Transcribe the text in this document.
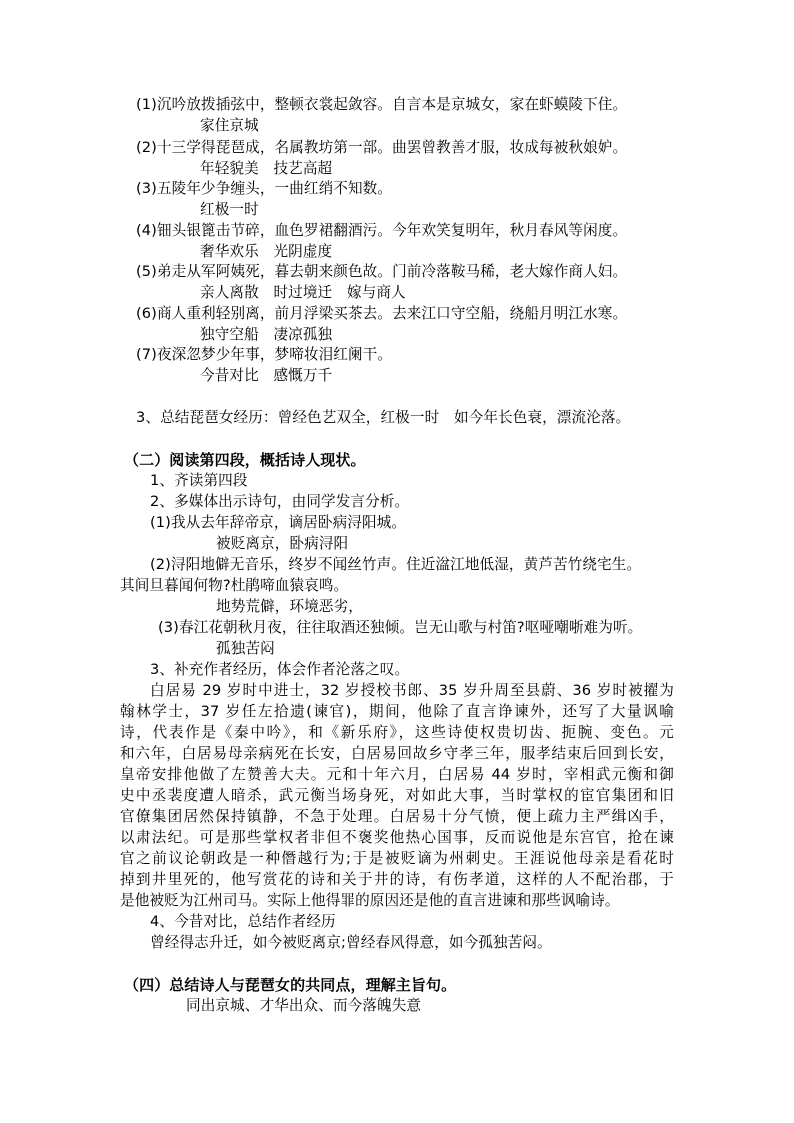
(1)沉吟放拨插弦中，整顿衣裳起敛容。自言本是京城女，家在虾蟆陵下住。
家住京城
(2)十三学得琵琶成，名属教坊第一部。曲罢曾教善才服，妆成每被秋娘妒。
年轻貌美　技艺高超
(3)五陵年少争缠头，一曲红绡不知数。
红极一时
(4)钿头银篦击节碎，血色罗裙翻酒污。今年欢笑复明年，秋月春风等闲度。
奢华欢乐　光阴虚度
(5)弟走从军阿姨死，暮去朝来颜色故。门前冷落鞍马稀，老大嫁作商人妇。
亲人离散　时过境迁　嫁与商人
(6)商人重利轻别离，前月浮梁买茶去。去来江口守空船，绕船月明江水寒。
独守空船　凄凉孤独
(7)夜深忽梦少年事，梦啼妆泪红阑干。
今昔对比　感慨万千
3、总结琵琶女经历：曾经色艺双全，红极一时　如今年长色衰，漂流沦落。
（二）阅读第四段，概括诗人现状。
1、齐读第四段
2、多媒体出示诗句，由同学发言分析。
(1)我从去年辞帝京，谪居卧病浔阳城。
被贬离京，卧病浔阳
(2)浔阳地僻无音乐，终岁不闻丝竹声。住近湓江地低湿，黄芦苦竹绕宅生。
其间旦暮闻何物?杜鹃啼血猿哀鸣。
地势荒僻，环境恶劣，
(3)春江花朝秋月夜，往往取酒还独倾。岂无山歌与村笛?呕哑嘲哳难为听。
孤独苦闷
3、补充作者经历，体会作者沦落之叹。
白居易 29 岁时中进士，32 岁授校书郎、35 岁升周至县蔚、36 岁时被擢为
翰林学士，37 岁任左拾遗(谏官)，期间，他除了直言诤谏外，还写了大量讽喻
诗，代表作是《秦中吟》，和《新乐府》，这些诗使权贵切齿、扼腕、变色。元
和六年，白居易母亲病死在长安，白居易回故乡守孝三年，服孝结束后回到长安，
皇帝安排他做了左赞善大夫。元和十年六月，白居易 44 岁时，宰相武元衡和御
史中丞裴度遭人暗杀，武元衡当场身死，对如此大事，当时掌权的宦官集团和旧
官僚集团居然保持镇静，不急于处理。白居易十分气愤，便上疏力主严缉凶手，
以肃法纪。可是那些掌权者非但不褒奖他热心国事，反而说他是东宫官，抢在谏
官之前议论朝政是一种僭越行为;于是被贬谪为州刺史。王涯说他母亲是看花时
掉到井里死的，他写赏花的诗和关于井的诗，有伤孝道，这样的人不配治郡，于
是他被贬为江州司马。实际上他得罪的原因还是他的直言进谏和那些讽喻诗。
4、今昔对比，总结作者经历
曾经得志升迁，如今被贬离京;曾经春风得意，如今孤独苦闷。
（四）总结诗人与琵琶女的共同点，理解主旨句。
同出京城、才华出众、而今落魄失意
